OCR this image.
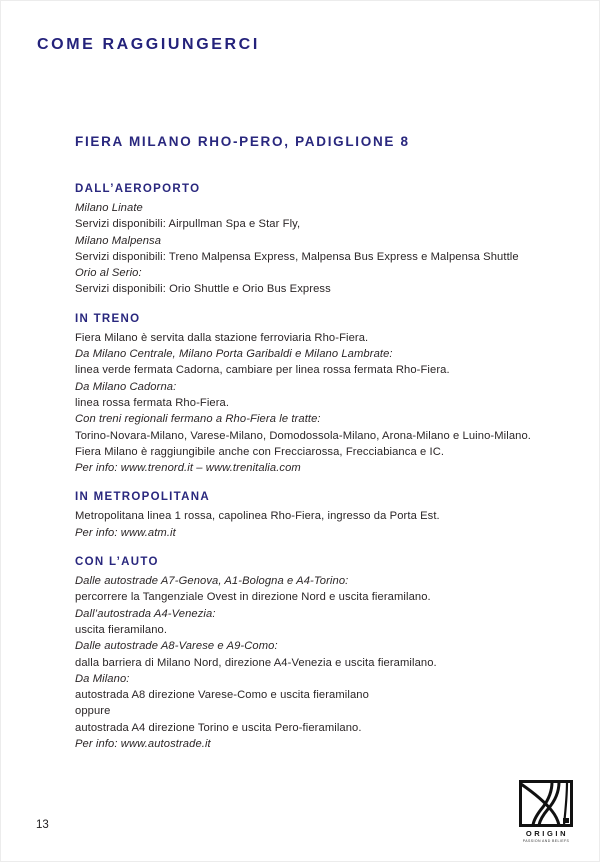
COME RAGGIUNGERCI
FIERA MILANO RHO-PERO, PADIGLIONE 8
DALL’AEROPORTO

Milano Linate

Servizi disponibili: Airpullman Spa e Star Fly,

Milano Malpensa

Servizi disponibili: Treno Malpensa Express, Malpensa Bus Express e Malpensa Shuttle

Orio al Serio:

Servizi disponibili: Orio Shuttle e Orio Bus Express

IN TRENO

Fiera Milano è servita dalla stazione ferroviaria Rho-Fiera.

Da Milano Centrale, Milano Porta Garibaldi e Milano Lambrate:

linea verde fermata Cadorna, cambiare per linea rossa fermata Rho-Fiera.

Da Milano Cadorna:

linea rossa fermata Rho-Fiera.

Con treni regionali fermano a Rho-Fiera le tratte:

Torino-Novara-Milano, Varese-Milano, Domodossola-Milano, Arona-Milano e Luino-Milano.

Fiera Milano è raggiungibile anche con Frecciarossa, Frecciabianca e IC.

Per info: www.trenord.it – www.trenitalia.com

IN METROPOLITANA

Metropolitana linea 1 rossa, capolinea Rho-Fiera, ingresso da Porta Est.

Per info: www.atm.it

CON L’AUTO

Dalle autostrade A7-Genova, A1-Bologna e A4-Torino:

percorrere la Tangenziale Ovest in direzione Nord e uscita fieramilano.

Dall’autostrada A4-Venezia:

uscita fieramilano.

Dalle autostrade A8-Varese e A9-Como:

dalla barriera di Milano Nord, direzione A4-Venezia e uscita fieramilano.

Da Milano:

autostrada A8 direzione Varese-Como e uscita fieramilano

oppure

autostrada A4 direzione Torino e uscita Pero-fieramilano.

Per info: www.autostrade.it

13
ORIGIN
PASSION AND BELIEFS
